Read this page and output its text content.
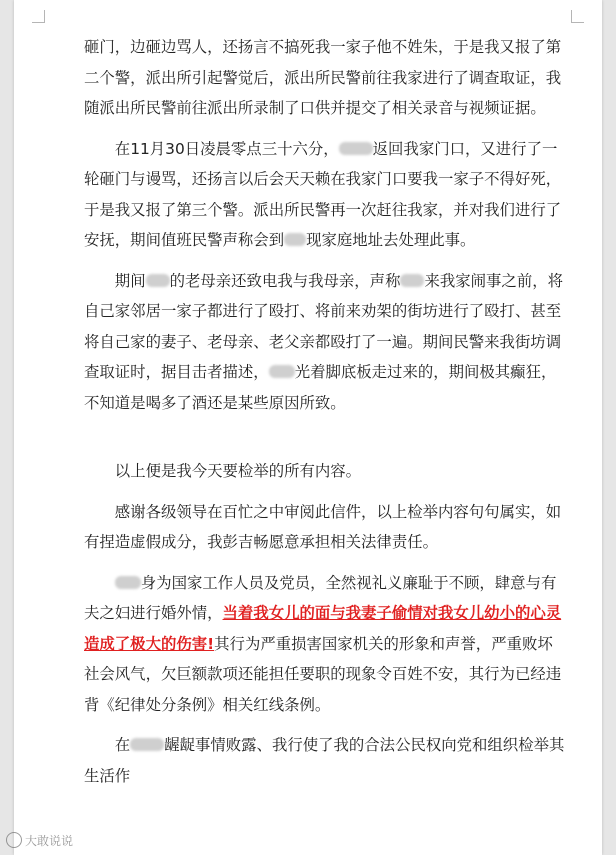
砸门，边砸边骂人，还扬言不搞死我一家子他不姓朱，于是我又报了第二个警，派出所引起警觉后，派出所民警前往我家进行了调查取证，我随派出所民警前往派出所录制了口供并提交了相关录音与视频证据。

在11月30日凌晨零点三十六分， 返回我家门口，又进行了一轮砸门与谩骂，还扬言以后会天天赖在我家门口要我一家子不得好死，于是我又报了第三个警。派出所民警再一次赶往我家，并对我们进行了安抚，期间值班民警声称会到 现家庭地址去处理此事。

期间 的老母亲还致电我与我母亲，声称 来我家闹事之前，将自己家邻居一家子都进行了殴打、将前来劝架的街坊进行了殴打、甚至将自己家的妻子、老母亲、老父亲都殴打了一遍。期间民警来我街坊调查取证时，据目击者描述， 光着脚底板走过来的，期间极其癫狂，不知道是喝多了酒还是某些原因所致。

以上便是我今天要检举的所有内容。

感谢各级领导在百忙之中审阅此信件，以上检举内容句句属实，如有捏造虚假成分，我彭吉畅愿意承担相关法律责任。

身为国家工作人员及党员，全然视礼义廉耻于不顾，肆意与有夫之妇进行婚外情，当着我女儿的面与我妻子偷情对我女儿幼小的心灵造成了极大的伤害!其行为严重损害国家机关的形象和声誉，严重败坏社会风气，欠巨额款项还能担任要职的现象令百姓不安，其行为已经违背《纪律处分条例》相关红线条例。

在 龌龊事情败露、我行使了我的合法公民权向党和组织检举其生活作

大敢说说
